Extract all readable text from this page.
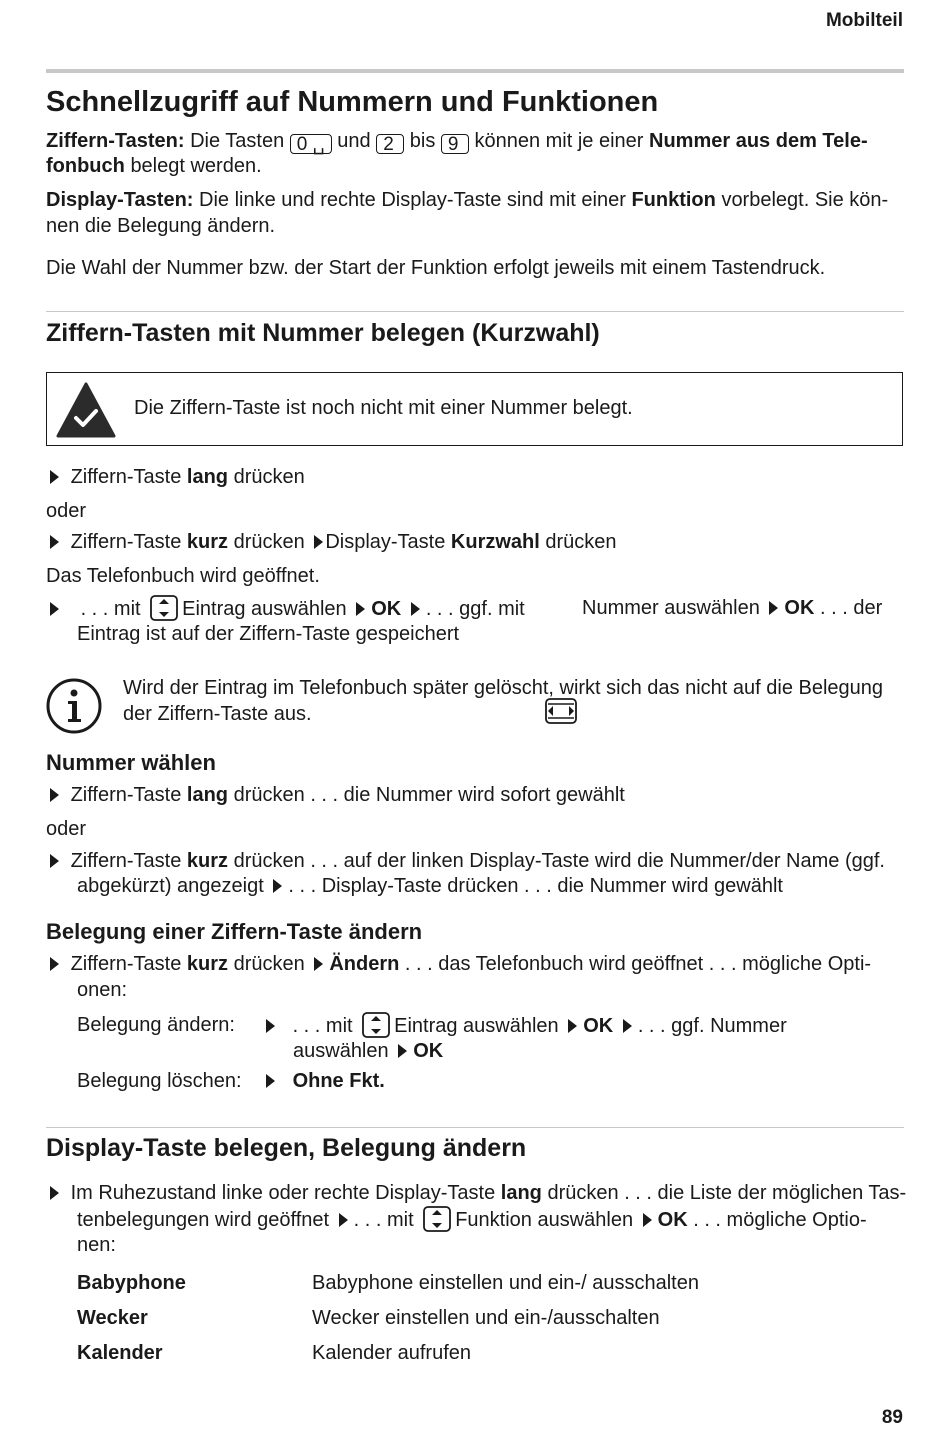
Mobilteil
Schnellzugriff auf Nummern und Funktionen
Ziffern-Tasten: Die Tasten 0 ␣ und 2 bis 9 können mit je einer Nummer aus dem Tele-
fonbuch belegt werden.
Display-Tasten: Die linke und rechte Display-Taste sind mit einer Funktion vorbelegt. Sie kön-
nen die Belegung ändern.
Die Wahl der Nummer bzw. der Start der Funktion erfolgt jeweils mit einem Tastendruck.
Ziffern-Tasten mit Nummer belegen (Kurzwahl)
Die Ziffern-Taste ist noch nicht mit einer Nummer belegt.
Ziffern-Taste lang drücken
oder
Ziffern-Taste kurz drücken Display-Taste Kurzwahl drücken
Das Telefonbuch wird geöffnet.
. . . mit Eintrag auswählen OK . . . ggf. mit	Nummer auswählen OK . . . der
Eintrag ist auf der Ziffern-Taste gespeichert
Wird der Eintrag im Telefonbuch später gelöscht, wirkt sich das nicht auf die Belegung
der Ziffern-Taste aus.
Nummer wählen
Ziffern-Taste lang drücken . . . die Nummer wird sofort gewählt
oder
Ziffern-Taste kurz drücken . . . auf der linken Display-Taste wird die Nummer/der Name (ggf.
abgekürzt) angezeigt . . . Display-Taste drücken . . . die Nummer wird gewählt
Belegung einer Ziffern-Taste ändern
Ziffern-Taste kurz drücken Ändern . . . das Telefonbuch wird geöffnet . . . mögliche Opti-
onen:
Belegung ändern:	. . . mit Eintrag auswählen OK . . . ggf. Nummer
auswählen OK
Belegung löschen:	Ohne Fkt.
Display-Taste belegen, Belegung ändern
Im Ruhezustand linke oder rechte Display-Taste lang drücken . . . die Liste der möglichen Tas-
tenbelegungen wird geöffnet . . . mit Funktion auswählen OK . . . mögliche Optio-
nen:
Babyphone	Babyphone einstellen und ein-/ ausschalten
Wecker	Wecker einstellen und ein-/ausschalten
Kalender	Kalender aufrufen
89
